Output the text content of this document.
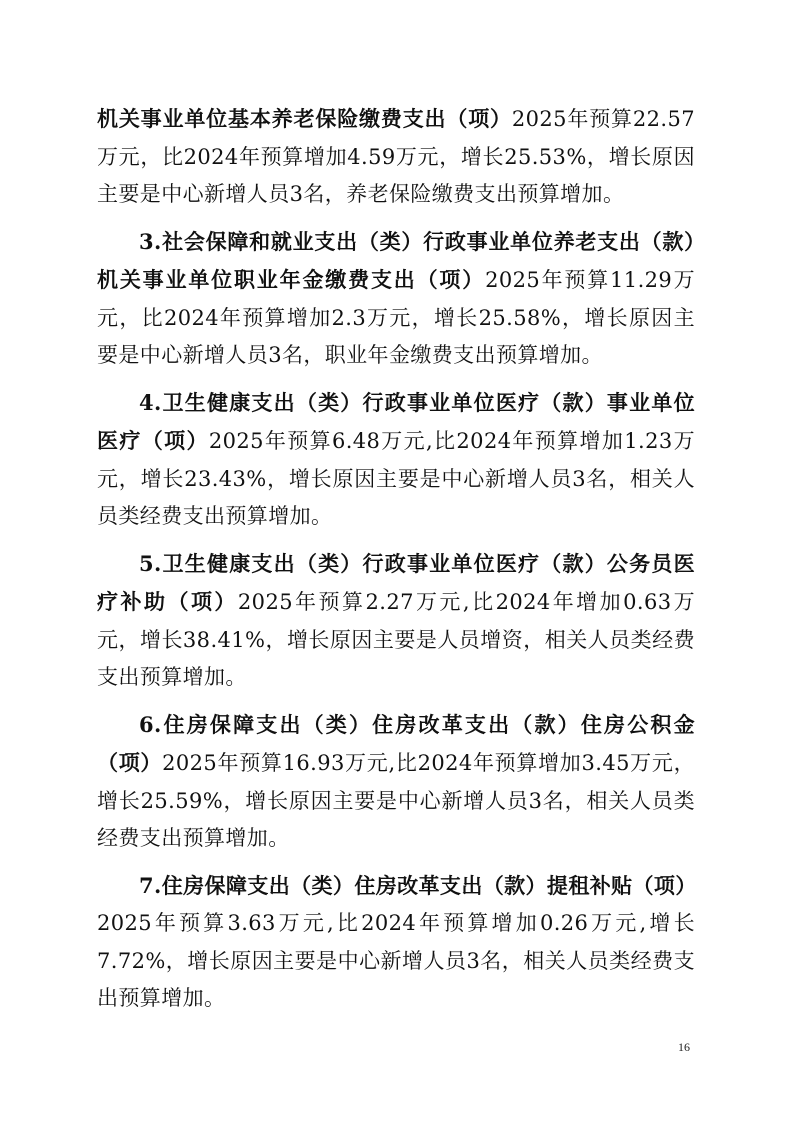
机关事业单位基本养老保险缴费支出（项）2025年预算22.57万元，比2024年预算增加4.59万元，增长25.53%，增长原因主要是中心新增人员3名，养老保险缴费支出预算增加。

3.社会保障和就业支出（类）行政事业单位养老支出（款）机关事业单位职业年金缴费支出（项）2025年预算11.29万元，比2024年预算增加2.3万元，增长25.58%，增长原因主要是中心新增人员3名，职业年金缴费支出预算增加。

4.卫生健康支出（类）行政事业单位医疗（款）事业单位医疗（项）2025年预算6.48万元,比2024年预算增加1.23万元，增长23.43%，增长原因主要是中心新增人员3名，相关人员类经费支出预算增加。

5.卫生健康支出（类）行政事业单位医疗（款）公务员医疗补助（项）2025年预算2.27万元,比2024年增加0.63万元，增长38.41%，增长原因主要是人员增资，相关人员类经费支出预算增加。

6.住房保障支出（类）住房改革支出（款）住房公积金（项）2025年预算16.93万元,比2024年预算增加3.45万元，增长25.59%，增长原因主要是中心新增人员3名，相关人员类经费支出预算增加。

7.住房保障支出（类）住房改革支出（款）提租补贴（项）2025年预算3.63万元,比2024年预算增加0.26万元,增长7.72%，增长原因主要是中心新增人员3名，相关人员类经费支出预算增加。

16
